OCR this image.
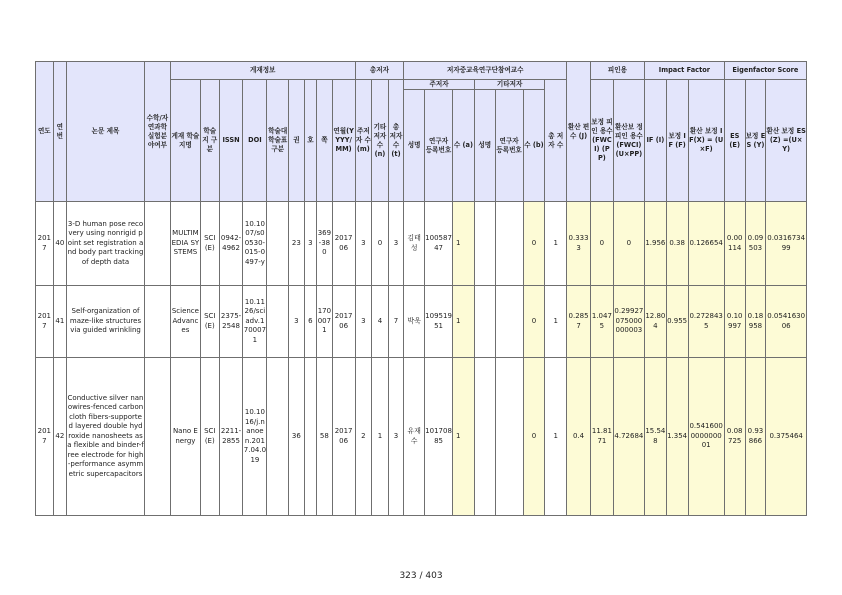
연도	연번	논문 제목	수학/자연과학실험분야여부	게재정보									총저자			저자중교육연구단참여교수							환산 편수 (J)	피인용		Impact Factor			Eigenfactor Score		
				게재 학술지명	학술지 구분	ISSN	DOI	학술대 학술표 구분	권	호	쪽	연월(YYYY/MM)	주저자 수 (m)	기타 저자 수 (n)	총 저자 수 (t)	주저자			기타저자			총 저자 수		보정 피인 용수 (FWCI) (PP)	환산보 정피인 용수 (FWCI) (U×PP)	IF (I)	보정 IF (F)	환산 보정 IF(X) = (U×F)	ES (E)	보정 ES (Y)	환산 보정 ES(Z) =(U×Y)
																성명	연구자 등록번호	수 (a)	성명	연구자 등록번호	수 (b)										

2017	40	3-D human pose recovery using nonrigid point set registration and body part tracking of depth data		MULTIMEDIA SYSTEMS	SCI(E)	0942-4962	10.1007/s00530-015-0497-y		23	3	369-380	2017 06	3	0	3	김태성	10058747	1			0	1	0.3333	0	0	1.956	0.38	0.126654	0.00114	0.09503	0.031673499
2017	41	Self-organization of maze-like structures via guided wrinkling		Science Advances	SCI(E)	2375-2548	10.1126/sciadv.1700071		3	6	1700071	2017 06	3	4	7	박욱	10951951	1			0	1	0.2857	1.0475	0.29927075000000003	12.804	0.955	0.2728435	0.10997	0.18958	0.054163006
2017	42	Conductive silver nanowires-fenced carbon cloth fibers-supported layered double hydroxide nanosheets as a flexible and binder-free electrode for high-performance asymmetric supercapacitors		Nano Energy	SCI(E)	2211-2855	10.1016/j.nanoen.2017.04.019		36		58	2017 06	2	1	3	유재수	10170885	1			0	1	0.4	11.8171	4.72684	15.548	1.354	0.541600000000001	0.08725	0.93866	0.375464
323 / 403
